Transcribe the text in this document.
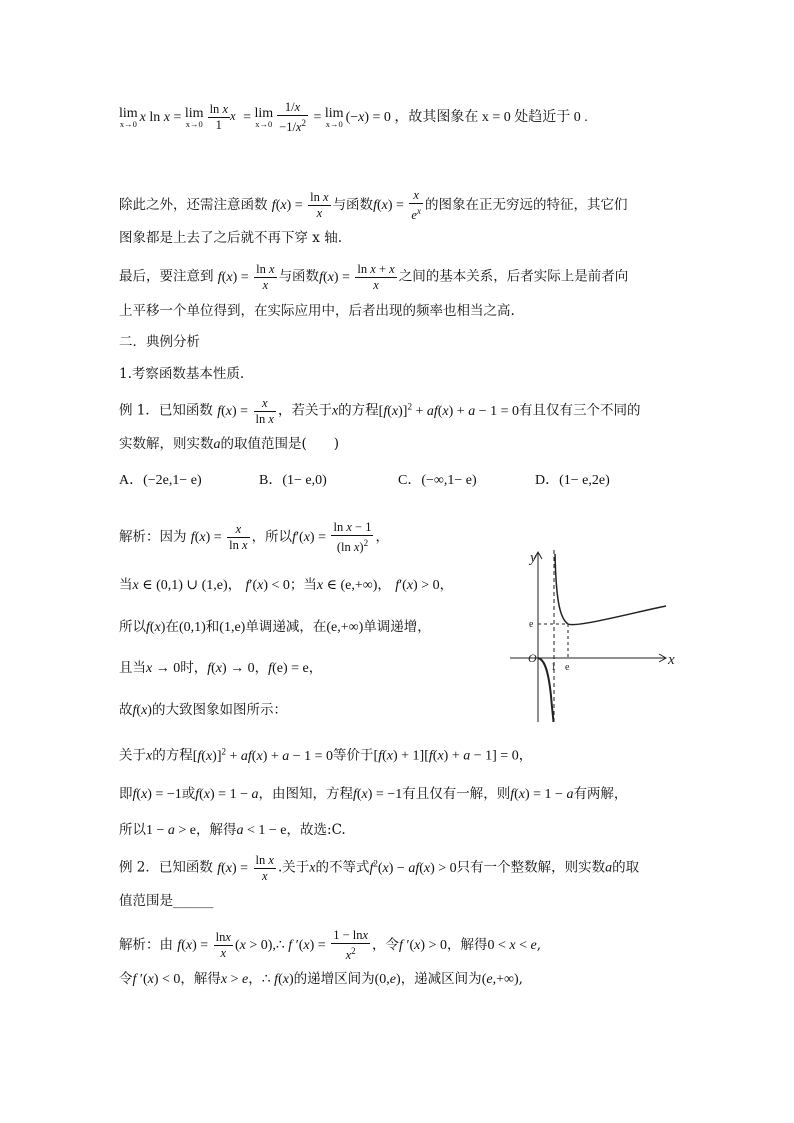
lim
x→0 x ln x = lim
$x\to 0 \frac{\text{ln x}}{1}$ x = lim
$x\to 0 \frac{1/x}{-1/x^2} = \lim$
x→0 (−x) = 0 ，故其图象在 x = 0 处趋近于 0 .
除此之外，还需注意函数 $f(x) = \frac{\text{ln x}}{x}$ 与函数$f(x) = \frac{x}{e^x}$ 的图象在正无穷远的特征，其它们
图象都是上去了之后就不再下穿 x 轴.
最后，要注意到 $f(x) = \frac{\text{ln x}}{x}$ 与函数$f(x) = \frac{\text{ln x + x}}{x}$ 之间的基本关系，后者实际上是前者向
上平移一个单位得到，在实际应用中，后者出现的频率也相当之高.
二．典例分析
1.考察函数基本性质.
例 1．已知函数 $f(x) = \frac{x}{\text{ln x}}$ ，若关于x的方程$[f(x)]^2 + af(x) + a - 1 = 0$有且仅有三个不同的
实数解，则实数a的取值范围是(　　)
A．(−2e,1− e)	B．(1− e,0)	C．(−∞,1− e)	D．(1− e,2e)
解析：因为 $f(x) = \frac{x}{\text{ln x}}$ ，所以$f'(x) = \frac{\text{ln x − 1}}{(\ln x)^2}$ ，
当x ∈ (0,1) ∪ (1,e)， f′(x) < 0；当x ∈ (e,+∞)， f′(x) > 0，
所以f(x)在(0,1)和(1,e)单调递减，在(e,+∞)单调递增，
且当x → 0时，f(x) → 0，f(e) = e，
故f(x)的大致图象如图所示：
关于x的方程$[f(x)]^2 + af(x) + a - 1 = 0$等价于[f(x) + 1][f(x) + a − 1] = 0，
即f(x) = −1或f(x) = 1 − a，由图知，方程f(x) = −1有且仅有一解，则f(x) = 1 − a有两解，
所以1 − a > e，解得a < 1 − e，故选:C.
例 2．已知函数 $f(x) = \frac{\text{ln x}}{x}$ .关于x的不等式$f^2(x) - af(x) > 0$只有一个整数解，则实数a的取
值范围是______
解析：由 $f(x) = \frac{\ln x}{x} (x$ > 0),∴ f $'(x) = \frac{1 - \ln x}{x^2}$ ，令f ′(x) > 0，解得0 < x < e,
令f ′(x) < 0，解得x > e，∴ f(x)的递增区间为(0,e)，递减区间为(e,+∞),
y
x
O
1 e
e
